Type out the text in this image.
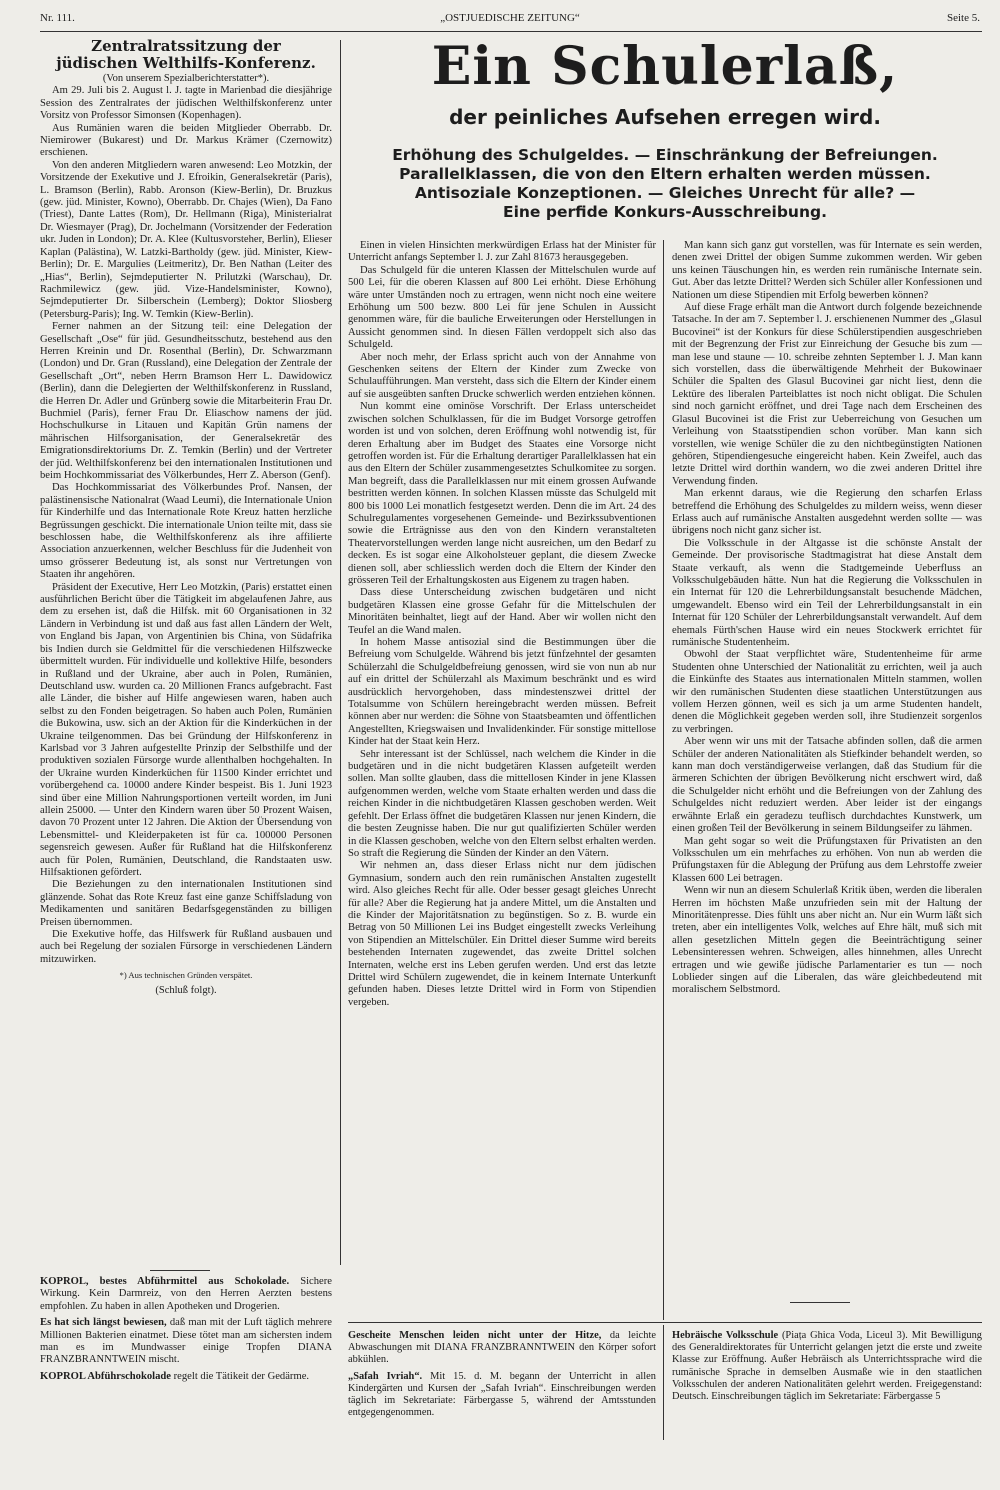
Nr. 111.	„OSTJUEDISCHE ZEITUNG“	Seite 5.
Zentralratssitzung der
jüdischen Welthilfs-Konferenz.
(Von unserem Spezialberichterstatter*).

Am 29. Juli bis 2. August l. J. tagte in Marienbad die diesjährige Session des Zentralrates der jüdischen Welthilfskonferenz unter Vorsitz von Professor Simonsen (Kopenhagen).

Aus Rumänien waren die beiden Mitglieder Oberrabb. Dr. Niemirower (Bukarest) und Dr. Markus Krämer (Czernowitz) erschienen.

Von den anderen Mitgliedern waren anwesend: Leo Motzkin, der Vorsitzende der Exekutive und J. Efroikin, Generalsekretär (Paris), L. Bramson (Berlin), Rabb. Aronson (Kiew-Berlin), Dr. Bruzkus (gew. jüd. Minister, Kowno), Oberrabb. Dr. Chajes (Wien), Da Fano (Triest), Dante Lattes (Rom), Dr. Hellmann (Riga), Ministerialrat Dr. Wiesmayer (Prag), Dr. Jochelmann (Vorsitzender der Federation ukr. Juden in London); Dr. A. Klee (Kultusvorsteher, Berlin), Elieser Kaplan (Palästina), W. Latzki-Bartholdy (gew. jüd. Minister, Kiew-Berlin); Dr. E. Margulies (Leitmeritz), Dr. Ben Nathan (Leiter des „Hias“, Berlin), Sejmdeputierter N. Prilutzki (Warschau), Dr. Rachmilewicz (gew. jüd. Vize-Handelsminister, Kowno), Sejmdeputierter Dr. Silberschein (Lemberg); Doktor Sliosberg (Petersburg-Paris); Ing. W. Temkin (Kiew-Berlin).

Ferner nahmen an der Sitzung teil: eine Delegation der Gesellschaft „Ose“ für jüd. Gesundheitsschutz, bestehend aus den Herren Kreinin und Dr. Rosenthal (Berlin), Dr. Schwarzmann (London) und Dr. Gran (Russland), eine Delegation der Zentrale der Gesellschaft „Ort“, neben Herrn Bramson Herr L. Dawidowicz (Berlin), dann die Delegierten der Welthilfskonferenz in Russland, die Herren Dr. Adler und Grünberg sowie die Mitarbeiterin Frau Dr. Buchmiel (Paris), ferner Frau Dr. Eliaschow namens der jüd. Hochschulkurse in Litauen und Kapitän Grün namens der mährischen Hilfsorganisation, der Generalsekretär des Emigrationsdirektoriums Dr. Z. Temkin (Berlin) und der Vertreter der jüd. Welthilfskonferenz bei den internationalen Institutionen und beim Hochkommissariat des Völkerbundes, Herr Z. Aberson (Genf).

Das Hochkommissariat des Völkerbundes Prof. Nansen, der palästinensische Nationalrat (Waad Leumi), die Internationale Union für Kinderhilfe und das Internationale Rote Kreuz hatten herzliche Begrüssungen geschickt. Die internationale Union teilte mit, dass sie beschlossen habe, die Welthilfskonferenz als ihre affilierte Association anzuerkennen, welcher Beschluss für die Judenheit von umso grösserer Bedeutung ist, als sonst nur Vertretungen von Staaten ihr angehören.

Präsident der Executive, Herr Leo Motzkin, (Paris) erstattet einen ausführlichen Bericht über die Tätigkeit im abgelaufenen Jahre, aus dem zu ersehen ist, daß die Hilfsk. mit 60 Organisationen in 32 Ländern in Verbindung ist und daß aus fast allen Ländern der Welt, von England bis Japan, von Argentinien bis China, von Südafrika bis Indien durch sie Geldmittel für die verschiedenen Hilfszwecke übermittelt wurden. Für individuelle und kollektive Hilfe, besonders in Rußland und der Ukraine, aber auch in Polen, Rumänien, Deutschland usw. wurden ca. 20 Millionen Francs aufgebracht. Fast alle Länder, die bisher auf Hilfe angewiesen waren, haben auch selbst zu den Fonden beigetragen. So haben auch Polen, Rumänien die Bukowina, usw. sich an der Aktion für die Kinderküchen in der Ukraine teilgenommen. Das bei Gründung der Hilfskonferenz in Karlsbad vor 3 Jahren aufgestellte Prinzip der Selbsthilfe und der produktiven sozialen Fürsorge wurde allenthalben hochgehalten. In der Ukraine wurden Kinderküchen für 11500 Kinder errichtet und vorübergehend ca. 10000 andere Kinder bespeist. Bis 1. Juni 1923 sind über eine Million Nahrungsportionen verteilt worden, im Juni allein 25000. — Unter den Kindern waren über 50 Prozent Waisen, davon 70 Prozent unter 12 Jahren. Die Aktion der Übersendung von Lebensmittel- und Kleiderpaketen ist für ca. 100000 Personen segensreich gewesen. Außer für Rußland hat die Hilfskonferenz auch für Polen, Rumänien, Deutschland, die Randstaaten usw. Hilfsaktionen gefördert.

Die Beziehungen zu den internationalen Institutionen sind glänzende. Sohat das Rote Kreuz fast eine ganze Schiffsladung von Medikamenten und sanitären Bedarfsgegenständen zu billigen Preisen übernommen.

Die Exekutive hoffe, das Hilfswerk für Rußland ausbauen und auch bei Regelung der sozialen Fürsorge in verschiedenen Ländern mitzuwirken.

*) Aus technischen Gründen verspätet.
(Schluß folgt).

KOPROL, bestes Abführmittel aus Schokolade. Sichere Wirkung. Kein Darmreiz, von den Herren Aerzten bestens empfohlen. Zu haben in allen Apotheken und Drogerien.

Es hat sich längst bewiesen, daß man mit der Luft täglich mehrere Millionen Bakterien einatmet. Diese tötet man am sichersten indem man es im Mundwasser einige Tropfen DIANA FRANZBRANNTWEIN mischt.

KOPROL Abführschokolade regelt die Tätikeit der Gedärme.

Ein Schulerlaß,
der peinliches Aufsehen erregen wird.
Erhöhung des Schulgeldes. — Einschränkung der Befreiungen.
Parallelklassen, die von den Eltern erhalten werden müssen.
Antisoziale Konzeptionen. — Gleiches Unrecht für alle? —
Eine perfide Konkurs-Ausschreibung.

Einen in vielen Hinsichten merkwürdigen Erlass hat der Minister für Unterricht anfangs September l. J. zur Zahl 81673 herausgegeben.

Das Schulgeld für die unteren Klassen der Mittelschulen wurde auf 500 Lei, für die oberen Klassen auf 800 Lei erhöht. Diese Erhöhung wäre unter Umständen noch zu ertragen, wenn nicht noch eine weitere Erhöhung um 500 bezw. 800 Lei für jene Schulen in Aussicht genommen wäre, für die bauliche Erweiterungen oder Herstellungen in Aussicht genommen sind. In diesen Fällen verdoppelt sich also das Schulgeld.

Aber noch mehr, der Erlass spricht auch von der Annahme von Geschenken seitens der Eltern der Kinder zum Zwecke von Schulaufführungen. Man versteht, dass sich die Eltern der Kinder einem auf sie ausgeübten sanften Drucke schwerlich werden entziehen können.

Nun kommt eine ominöse Vorschrift. Der Erlass unterscheidet zwischen solchen Schulklassen, für die im Budget Vorsorge getroffen worden ist und von solchen, deren Eröffnung wohl notwendig ist, für deren Erhaltung aber im Budget des Staates eine Vorsorge nicht getroffen worden ist. Für die Erhaltung derartiger Parallelklassen hat ein aus den Eltern der Schüler zusammengesetztes Schulkomitee zu sorgen. Man begreift, dass die Parallelklassen nur mit einem grossen Aufwande bestritten werden können. In solchen Klassen müsste das Schulgeld mit 800 bis 1000 Lei monatlich festgesetzt werden. Denn die im Art. 24 des Schulregulamentes vorgesehenen Gemeinde- und Bezirkssubventionen sowie die Erträgnisse aus den von den Kindern veranstalteten Theatervorstellungen werden lange nicht ausreichen, um den Bedarf zu decken. Es ist sogar eine Alkoholsteuer geplant, die diesem Zwecke dienen soll, aber schliesslich werden doch die Eltern der Kinder den grösseren Teil der Erhaltungskosten aus Eigenem zu tragen haben.

Dass diese Unterscheidung zwischen budgetären und nicht budgetären Klassen eine grosse Gefahr für die Mittelschulen der Minoritäten beinhaltet, liegt auf der Hand. Aber wir wollen nicht den Teufel an die Wand malen.

In hohem Masse antisozial sind die Bestimmungen über die Befreiung vom Schulgelde. Während bis jetzt fünfzehntel der gesamten Schülerzahl die Schulgeldbefreiung genossen, wird sie von nun ab nur auf ein drittel der Schülerzahl als Maximum beschränkt und es wird ausdrücklich hervorgehoben, dass mindestenszwei drittel der Totalsumme von Schülern hereingebracht werden müssen. Befreit können aber nur werden: die Söhne von Staatsbeamten und öffentlichen Angestellten, Kriegswaisen und Invalidenkinder. Für sonstige mittellose Kinder hat der Staat kein Herz.

Sehr interessant ist der Schlüssel, nach welchem die Kinder in die budgetären und in die nicht budgetären Klassen aufgeteilt werden sollen. Man sollte glauben, dass die mittellosen Kinder in jene Klassen aufgenommen werden, welche vom Staate erhalten werden und dass die reichen Kinder in die nichtbudgetären Klassen geschoben werden. Weit gefehlt. Der Erlass öffnet die budgetären Klassen nur jenen Kindern, die die besten Zeugnisse haben. Die nur gut qualifizierten Schüler werden in die Klassen geschoben, welche von den Eltern selbst erhalten werden. So straft die Regierung die Sünden der Kinder an den Vätern.

Wir nehmen an, dass dieser Erlass nicht nur dem jüdischen Gymnasium, sondern auch den rein rumänischen Anstalten zugestellt wird. Also gleiches Recht für alle. Oder besser gesagt gleiches Unrecht für alle? Aber die Regierung hat ja andere Mittel, um die Anstalten und die Kinder der Majoritätsnation zu begünstigen. So z. B. wurde ein Betrag von 50 Millionen Lei ins Budget eingestellt zwecks Verleihung von Stipendien an Mittelschüler. Ein Drittel dieser Summe wird bereits bestehenden Internaten zugewendet, das zweite Drittel solchen Internaten, welche erst ins Leben gerufen werden. Und erst das letzte Drittel wird Schülern zugewendet, die in keinem Internate Unterkunft gefunden haben. Dieses letzte Drittel wird in Form von Stipendien vergeben.

Man kann sich ganz gut vorstellen, was für Internate es sein werden, denen zwei Drittel der obigen Summe zukommen werden. Wir geben uns keinen Täuschungen hin, es werden rein rumänische Internate sein. Gut. Aber das letzte Drittel? Werden sich Schüler aller Konfessionen und Nationen um diese Stipendien mit Erfolg bewerben können?

Auf diese Frage erhält man die Antwort durch folgende bezeichnende Tatsache. In der am 7. September l. J. erschienenen Nummer des „Glasul Bucovinei“ ist der Konkurs für diese Schülerstipendien ausgeschrieben mit der Begrenzung der Frist zur Einreichung der Gesuche bis zum — man lese und staune — 10. schreibe zehnten September l. J. Man kann sich vorstellen, dass die überwältigende Mehrheit der Bukowinaer Schüler die Spalten des Glasul Bucovinei gar nicht liest, denn die Lektüre des liberalen Parteiblattes ist noch nicht obligat. Die Schulen sind noch garnicht eröffnet, und drei Tage nach dem Erscheinen des Glasul Bucovinei ist die Frist zur Ueberreichung von Gesuchen um Verleihung von Staatsstipendien schon vorüber. Man kann sich vorstellen, wie wenige Schüler die zu den nichtbegünstigten Nationen gehören, Stipendiengesuche eingereicht haben. Kein Zweifel, auch das letzte Drittel wird dorthin wandern, wo die zwei anderen Drittel ihre Verwendung finden.

Man erkennt daraus, wie die Regierung den scharfen Erlass betreffend die Erhöhung des Schulgeldes zu mildern weiss, wenn dieser Erlass auch auf rumänische Anstalten ausgedehnt werden sollte — was übrigens noch nicht ganz sicher ist.

Die Volksschule in der Altgasse ist die schönste Anstalt der Gemeinde. Der provisorische Stadtmagistrat hat diese Anstalt dem Staate verkauft, als wenn die Stadtgemeinde Ueberfluss an Volksschulgebäuden hätte. Nun hat die Regierung die Volksschulen in ein Internat für 120 die Lehrerbildungsanstalt besuchende Mädchen, umgewandelt. Ebenso wird ein Teil der Lehrerbildungsanstalt in ein Internat für 120 Schüler der Lehrerbildungsanstalt verwandelt. Auf dem ehemals Fürth'schen Hause wird ein neues Stockwerk errichtet für rumänische Studentenheim.

Obwohl der Staat verpflichtet wäre, Studentenheime für arme Studenten ohne Unterschied der Nationalität zu errichten, weil ja auch die Einkünfte des Staates aus internationalen Mitteln stammen, wollen wir den rumänischen Studenten diese staatlichen Unterstützungen aus vollem Herzen gönnen, weil es sich ja um arme Studenten handelt, denen die Möglichkeit gegeben werden soll, ihre Studienzeit sorgenlos zu verbringen.

Aber wenn wir uns mit der Tatsache abfinden sollen, daß die armen Schüler der anderen Nationalitäten als Stiefkinder behandelt werden, so kann man doch verständigerweise verlangen, daß das Studium für die ärmeren Schichten der übrigen Bevölkerung nicht erschwert wird, daß die Schulgelder nicht erhöht und die Befreiungen von der Zahlung des Schulgeldes nicht reduziert werden. Aber leider ist der eingangs erwähnte Erlaß ein geradezu teuflisch durchdachtes Kunstwerk, um einen großen Teil der Bevölkerung in seinem Bildungseifer zu lähmen.

Man geht sogar so weit die Prüfungstaxen für Privatisten an den Volksschulen um ein mehrfaches zu erhöhen. Von nun ab werden die Prüfungstaxen für die Ablegung der Prüfung aus dem Lehrstoffe zweier Klassen 600 Lei betragen.

Wenn wir nun an diesem Schulerlaß Kritik üben, werden die liberalen Herren im höchsten Maße unzufrieden sein mit der Haltung der Minoritätenpresse. Dies fühlt uns aber nicht an. Nur ein Wurm läßt sich treten, aber ein intelligentes Volk, welches auf Ehre hält, muß sich mit allen gesetzlichen Mitteln gegen die Beeinträchtigung seiner Lebensinteressen wehren. Schweigen, alles hinnehmen, alles Unrecht ertragen und wie gewiße jüdische Parlamentarier es tun — noch Loblieder singen auf die Liberalen, das wäre gleichbedeutend mit moralischem Selbstmord.

Gescheite Menschen leiden nicht unter der Hitze, da leichte Abwaschungen mit DIANA FRANZBRANNTWEIN den Körper sofort abkühlen.

„Safah Ivriah“. Mit 15. d. M. begann der Unterricht in allen Kindergärten und Kursen der „Safah Ivriah“. Einschreibungen werden täglich im Sekretariate: Färbergasse 5, während der Amtsstunden entgegengenommen.

Hebräische Volksschule (Piața Ghica Voda, Liceul 3). Mit Bewilligung des Generaldirektorates für Unterricht gelangen jetzt die erste und zweite Klasse zur Eröffnung. Außer Hebräisch als Unterrichtssprache wird die rumänische Sprache in demselben Ausmaße wie in den staatlichen Volksschulen der anderen Nationalitäten gelehrt werden. Freigegenstand: Deutsch. Einschreibungen täglich im Sekretariate: Färbergasse 5
